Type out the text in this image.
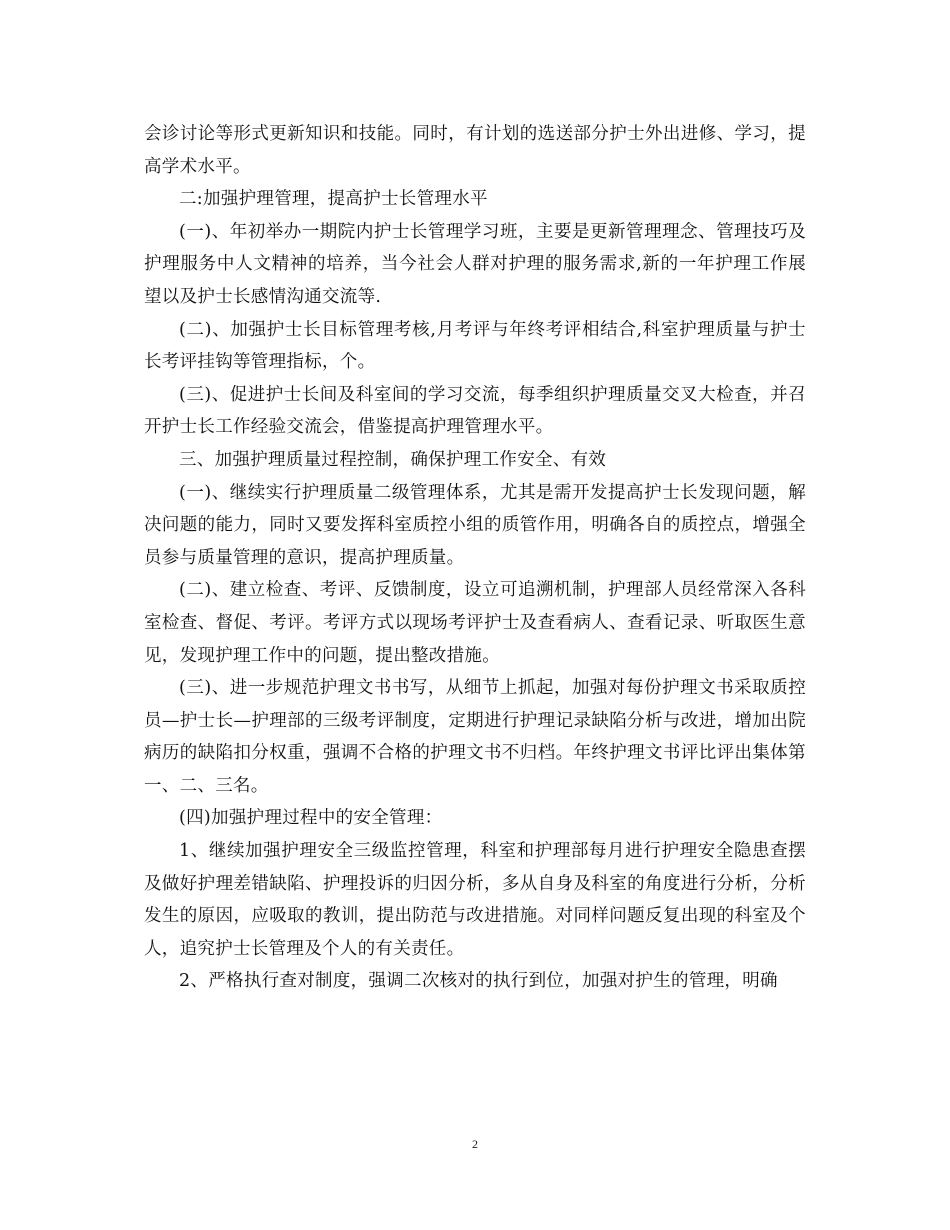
会诊讨论等形式更新知识和技能。同时，有计划的选送部分护士外出进修、学习，提高学术水平。

二:加强护理管理，提高护士长管理水平

(一)、年初举办一期院内护士长管理学习班，主要是更新管理理念、管理技巧及护理服务中人文精神的培养，当今社会人群对护理的服务需求,新的一年护理工作展望以及护士长感情沟通交流等.

(二)、加强护士长目标管理考核,月考评与年终考评相结合,科室护理质量与护士长考评挂钩等管理指标，个。

(三)、促进护士长间及科室间的学习交流，每季组织护理质量交叉大检查，并召开护士长工作经验交流会，借鉴提高护理管理水平。

三、加强护理质量过程控制，确保护理工作安全、有效

(一)、继续实行护理质量二级管理体系，尤其是需开发提高护士长发现问题，解决问题的能力，同时又要发挥科室质控小组的质管作用，明确各自的质控点，增强全员参与质量管理的意识，提高护理质量。

(二)、建立检查、考评、反馈制度，设立可追溯机制，护理部人员经常深入各科室检查、督促、考评。考评方式以现场考评护士及查看病人、查看记录、听取医生意见，发现护理工作中的问题，提出整改措施。

(三)、进一步规范护理文书书写，从细节上抓起，加强对每份护理文书采取质控员—护士长—护理部的三级考评制度，定期进行护理记录缺陷分析与改进，增加出院病历的缺陷扣分权重，强调不合格的护理文书不归档。年终护理文书评比评出集体第一、二、三名。

(四)加强护理过程中的安全管理：

1、继续加强护理安全三级监控管理，科室和护理部每月进行护理安全隐患查摆及做好护理差错缺陷、护理投诉的归因分析，多从自身及科室的角度进行分析，分析发生的原因，应吸取的教训，提出防范与改进措施。对同样问题反复出现的科室及个人，追究护士长管理及个人的有关责任。

2、严格执行查对制度，强调二次核对的执行到位，加强对护生的管理，明确

2
